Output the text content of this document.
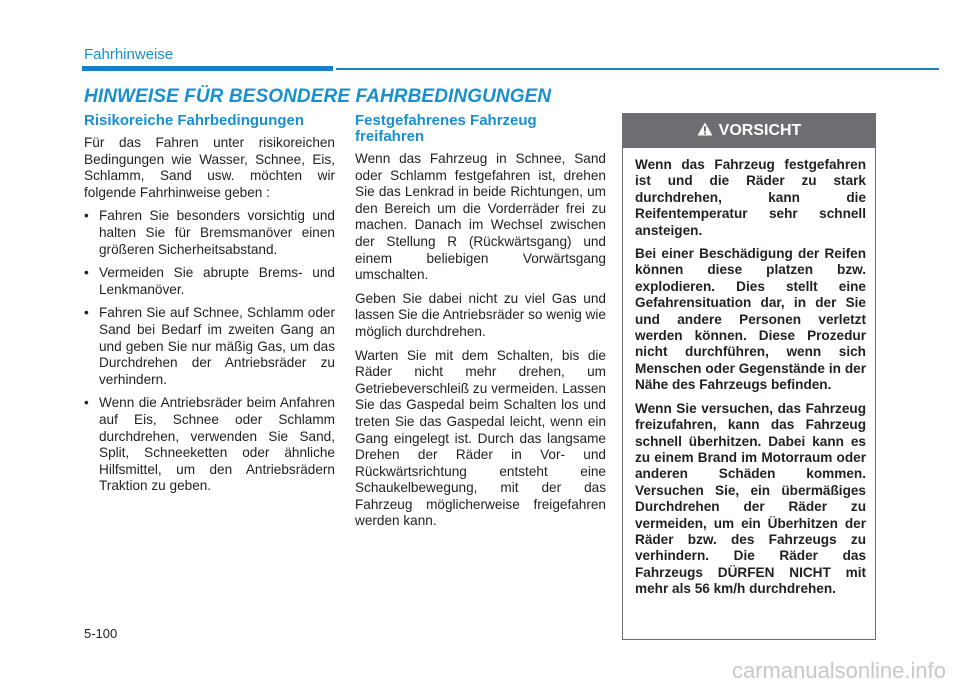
Fahrhinweise
HINWEISE FÜR BESONDERE FAHRBEDINGUNGEN
Risikoreiche Fahrbedingungen

Für das Fahren unter risikoreichen Bedingungen wie Wasser, Schnee, Eis, Schlamm, Sand usw. möchten wir folgende Fahrhinweise geben :

• Fahren Sie besonders vorsichtig und halten Sie für Bremsmanöver einen größeren Sicherheitsabstand.
• Vermeiden Sie abrupte Brems- und Lenkmanöver.
• Fahren Sie auf Schnee, Schlamm oder Sand bei Bedarf im zweiten Gang an und geben Sie nur mäßig Gas, um das Durchdrehen der Antriebsräder zu verhindern.
• Wenn die Antriebsräder beim Anfahren auf Eis, Schnee oder Schlamm durchdrehen, verwenden Sie Sand, Split, Schneeketten oder ähnliche Hilfsmittel, um den Antriebsrädern Traktion zu geben.
Festgefahrenes Fahrzeug freifahren

Wenn das Fahrzeug in Schnee, Sand oder Schlamm festgefahren ist, drehen Sie das Lenkrad in beide Richtungen, um den Bereich um die Vorderräder frei zu machen. Danach im Wechsel zwischen der Stellung R (Rückwärtsgang) und einem beliebigen Vorwärtsgang umschalten.

Geben Sie dabei nicht zu viel Gas und lassen Sie die Antriebsräder so wenig wie möglich durchdrehen.

Warten Sie mit dem Schalten, bis die Räder nicht mehr drehen, um Getriebeverschleiß zu vermeiden. Lassen Sie das Gaspedal beim Schalten los und treten Sie das Gaspedal leicht, wenn ein Gang eingelegt ist. Durch das langsame Drehen der Räder in Vor- und Rückwärtsrichtung entsteht eine Schaukelbewegung, mit der das Fahrzeug möglicherweise freigefahren werden kann.

VORSICHT

Wenn das Fahrzeug festgefahren ist und die Räder zu stark durchdrehen, kann die Reifentemperatur sehr schnell ansteigen.

Bei einer Beschädigung der Reifen können diese platzen bzw. explodieren. Dies stellt eine Gefahrensituation dar, in der Sie und andere Personen verletzt werden können. Diese Prozedur nicht durchführen, wenn sich Menschen oder Gegenstände in der Nähe des Fahrzeugs befinden.

Wenn Sie versuchen, das Fahrzeug freizufahren, kann das Fahrzeug schnell überhitzen. Dabei kann es zu einem Brand im Motorraum oder anderen Schäden kommen. Versuchen Sie, ein übermäßiges Durchdrehen der Räder zu vermeiden, um ein Überhitzen der Räder bzw. des Fahrzeugs zu verhindern. Die Räder das Fahrzeugs DÜRFEN NICHT mit mehr als 56 km/h durchdrehen.

5-100
carmanualsonline.info
